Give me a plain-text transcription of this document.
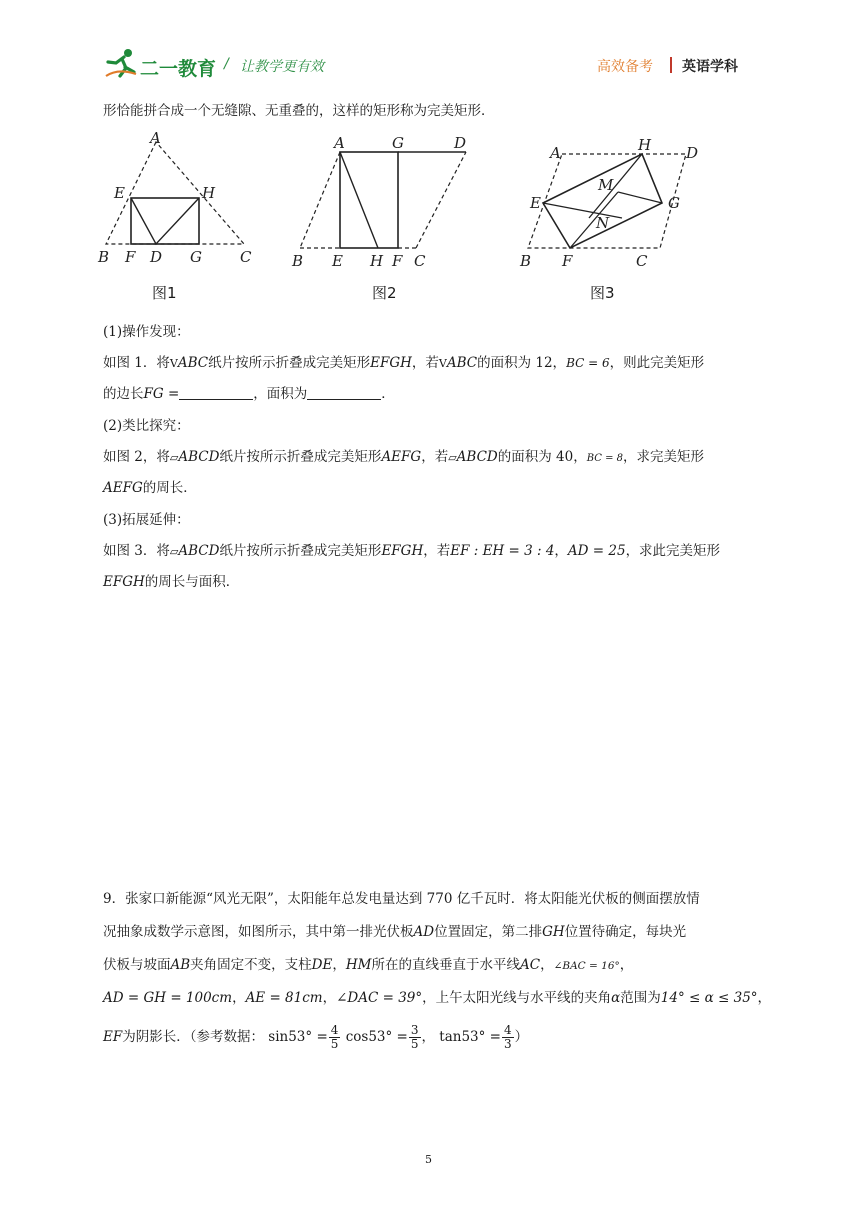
二一教育 / 让教学更有效	高效备考 英语学科
形恰能拼合成一个无缝隙、无重叠的，这样的矩形称为完美矩形．
A
E	H
B F D G	C
图1
A	G	D
B E H F C
图2
A	H D
M
E	G
N
B F	C
图3
(1)操作发现：
如图 1．将VABC纸片按所示折叠成完美矩形EFGH，若VABC的面积为 12，BC = 6，则此完美矩形
的边长FG =	，面积为	．
(2)类比探究：
如图 2，将▱ABCD纸片按所示折叠成完美矩形AEFG，若▱ABCD的面积为 40，BC = 8，求完美矩形
AEFG的周长．
(3)拓展延伸：
如图 3．将▱ABCD纸片按所示折叠成完美矩形EFGH，若EF : EH = 3 : 4，AD = 25，求此完美矩形
EFGH的周长与面积．
9．张家口新能源“风光无限”，太阳能年总发电量达到 770 亿千瓦时．将太阳能光伏板的侧面摆放情
况抽象成数学示意图，如图所示，其中第一排光伏板AD位置固定，第二排GH位置待确定，每块光
伏板与坡面AB夹角固定不变，支柱DE，HM所在的直线垂直于水平线AC，∠BAC = 16°，
AD = GH = 100cm，AE = 81cm，∠DAC = 39°，上午太阳光线与水平线的夹角α范围为14° ≤ α ≤ 35°，
EF为阴影长．（参考数据： $\sin 53^\circ = \frac{4}{5} \cos 53^\circ = \frac{3}{5}$ ， $\tan 53^\circ = \frac{4}{3}$ ）
5
